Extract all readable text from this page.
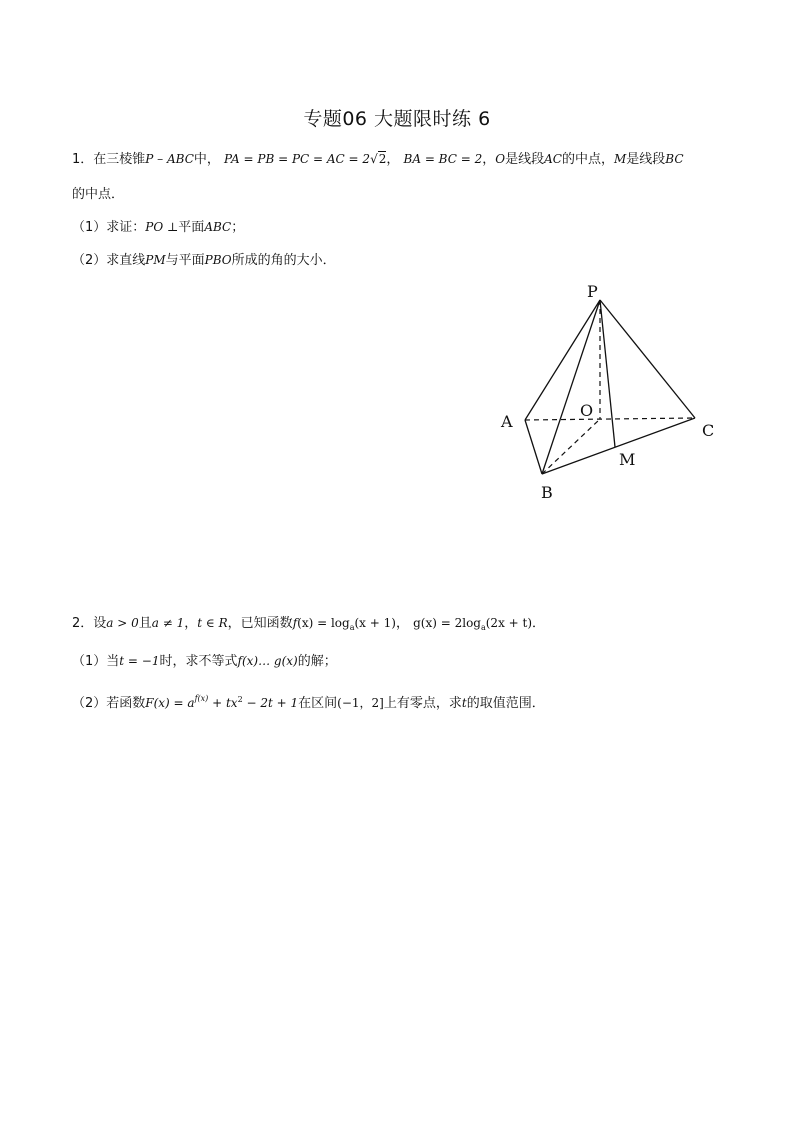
专题06 大题限时练 6
1．在三棱锥P – ABC中， PA = PB = PC = AC = 2√2， BA = BC = 2，O是线段AC的中点，M是线段BC
的中点．
（1）求证：PO ⊥平面ABC；
（2）求直线PM与平面PBO所成的角的大小．
P
A
O
C
M
B
2．设a > 0且a ≠ 1，t ∈ R，已知函数$f(x) = \log_a(x + 1)$， $g(x) = 2\log_a(2x + t)$．
（1）当t = −1时，求不等式f(x)… g(x)的解；
（2）若函数$F(x) = a^{f(x)} + tx^2 - 2t + 1$在区间(−1，2]上有零点，求t的取值范围．
